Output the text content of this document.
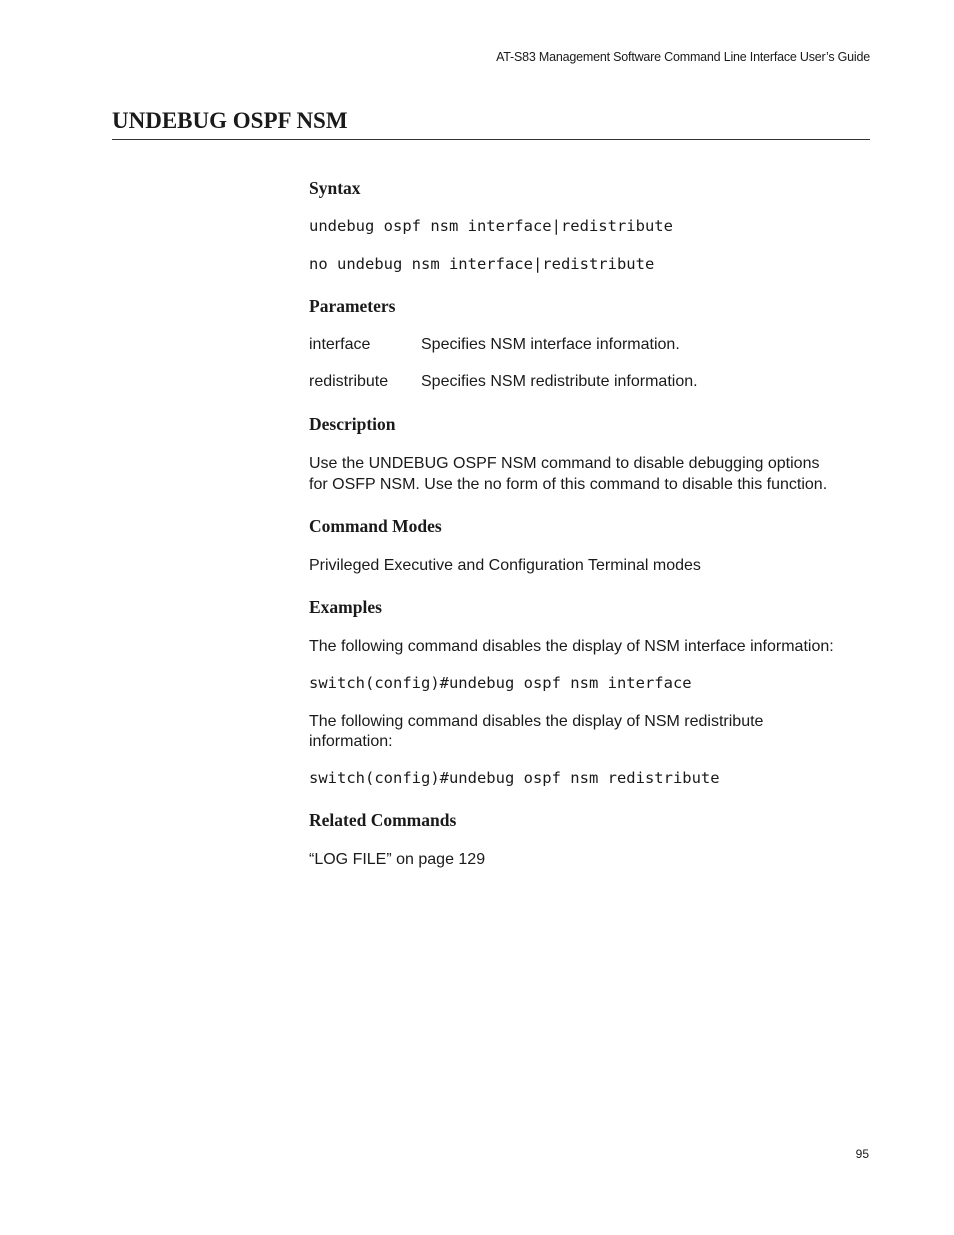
AT-S83 Management Software Command Line Interface User’s Guide
UNDEBUG OSPF NSM
Syntax
undebug ospf nsm interface|redistribute
no undebug nsm interface|redistribute
Parameters
interface	Specifies NSM interface information.
redistribute Specifies NSM redistribute information.
Description
Use the UNDEBUG OSPF NSM command to disable debugging options
for OSFP NSM. Use the no form of this command to disable this function.
Command Modes
Privileged Executive and Configuration Terminal modes
Examples
The following command disables the display of NSM interface information:
switch(config)#undebug ospf nsm interface
The following command disables the display of NSM redistribute
information:
switch(config)#undebug ospf nsm redistribute
Related Commands
“LOG FILE” on page 129
95
